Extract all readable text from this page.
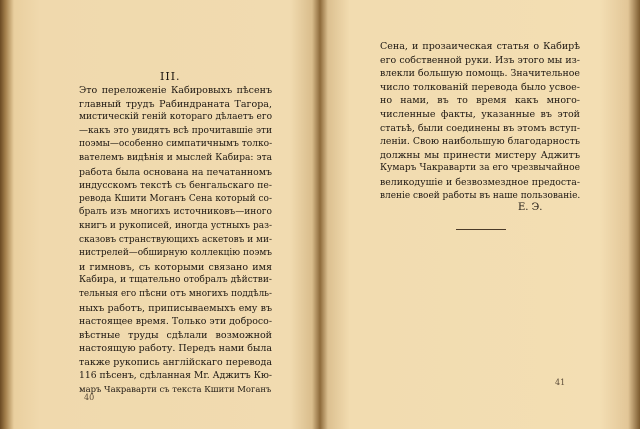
III.
Это переложенie Кабировыхъ пѣсенъ
главный трудъ Рабиндраната Тагора,
мистическiй генiй котораго дѣлаетъ его
—какъ это увидятъ всѣ прочитавшiе эти
поэмы—особенно симпатичнымъ толко-
вателемъ видѣнiя и мыслей Кабира: эта
работа была основана на печатанномъ
индусскомъ текстѣ съ бенгальскаго пе-
ревода Кшити Моганъ Сена который со-
бралъ изъ многихъ источниковъ—иного
книгъ и рукописей, иногда устныхъ раз-
сказовъ странствующихъ аскетовъ и ми-
нистрелей—обширную коллекцiю поэмъ
и гимновъ, съ которыми связано имя
Кабира, и тщательно отобралъ дѣйстви-
тельныя его пѣсни отъ многихъ поддѣль-
ныхъ работъ, приписываемыхъ ему въ
настоящее время. Только эти добросо-
вѣстные труды сдѣлали возможной
настоящую работу. Передъ нами была
также рукопись англiйскаго перевода
116 пѣсенъ, сдѣланная Mr. Аджитъ Кю-
маръ Чакраварти съ текста Кшити Моганъ
40
Сена, и прозаическая статья о Кабирѣ
его собственной руки. Изъ этого мы из-
влекли большую помощь. Значительное
число толкованiй перевода было усвое-
но нами, въ то время какъ много-
численные факты, указанные въ этой
статьѣ, были соединены въ этомъ вступ-
ленiи. Свою наибольшую благодарность
должны мы принести мистеру Аджитъ
Кумаръ Чакраварти за его чрезвычайное
великодушiе и безвозмездное предоста-
вленiе своей работы въ наше пользованiе.
Е. Э.
41
